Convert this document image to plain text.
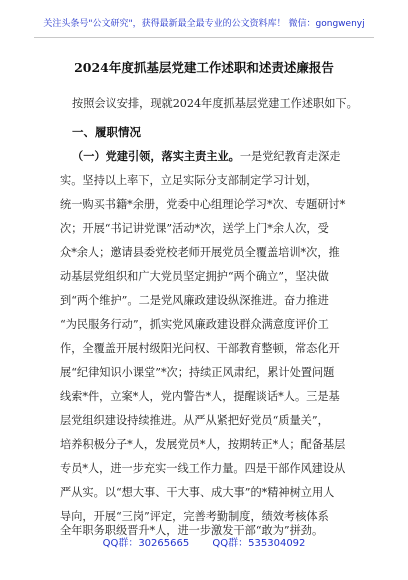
关注头条号"公文研究"，获得最新最全最专业的公文资料库！ 微信：gongwenyj
2024年度抓基层党建工作述职和述责述廉报告
按照会议安排，现就2024年度抓基层党建工作述职如下。
一、履职情况
（一）党建引领，落实主责主业。一是党纪教育走深走
实。坚持以上率下，立足实际分支部制定学习计划，
统一购买书籍*余册，党委中心组理论学习*次、专题研讨*
次；开展“书记讲党课”活动*次，送学上门*余人次，受
众*余人；邀请县委党校老师开展党员全覆盖培训*次，推
动基层党组织和广大党员坚定拥护“两个确立”，坚决做
到“两个维护”。二是党风廉政建设纵深推进。奋力推进
“为民服务行动”，抓实党风廉政建设群众满意度评价工
作，全覆盖开展村级阳光问权、干部教育整顿，常态化开
展“纪律知识小课堂”*次；持续正风肃纪，累计处置问题
线索*件，立案*人，党内警告*人，提醒谈话*人。三是基
层党组织建设持续推进。从严从紧把好党员“质量关”，
培养积极分子*人，发展党员*人，按期转正*人；配备基层
专员*人，进一步充实一线工作力量。四是干部作风建设从
严从实。以“想大事、干大事、成大事”的*精神树立用人
导向，开展“三岗”评定，完善考勤制度，绩效考核体系
全年职务职级晋升*人，进一步激发干部“敢为”拼劲。
QQ群：30265665 QQ群：535304092
